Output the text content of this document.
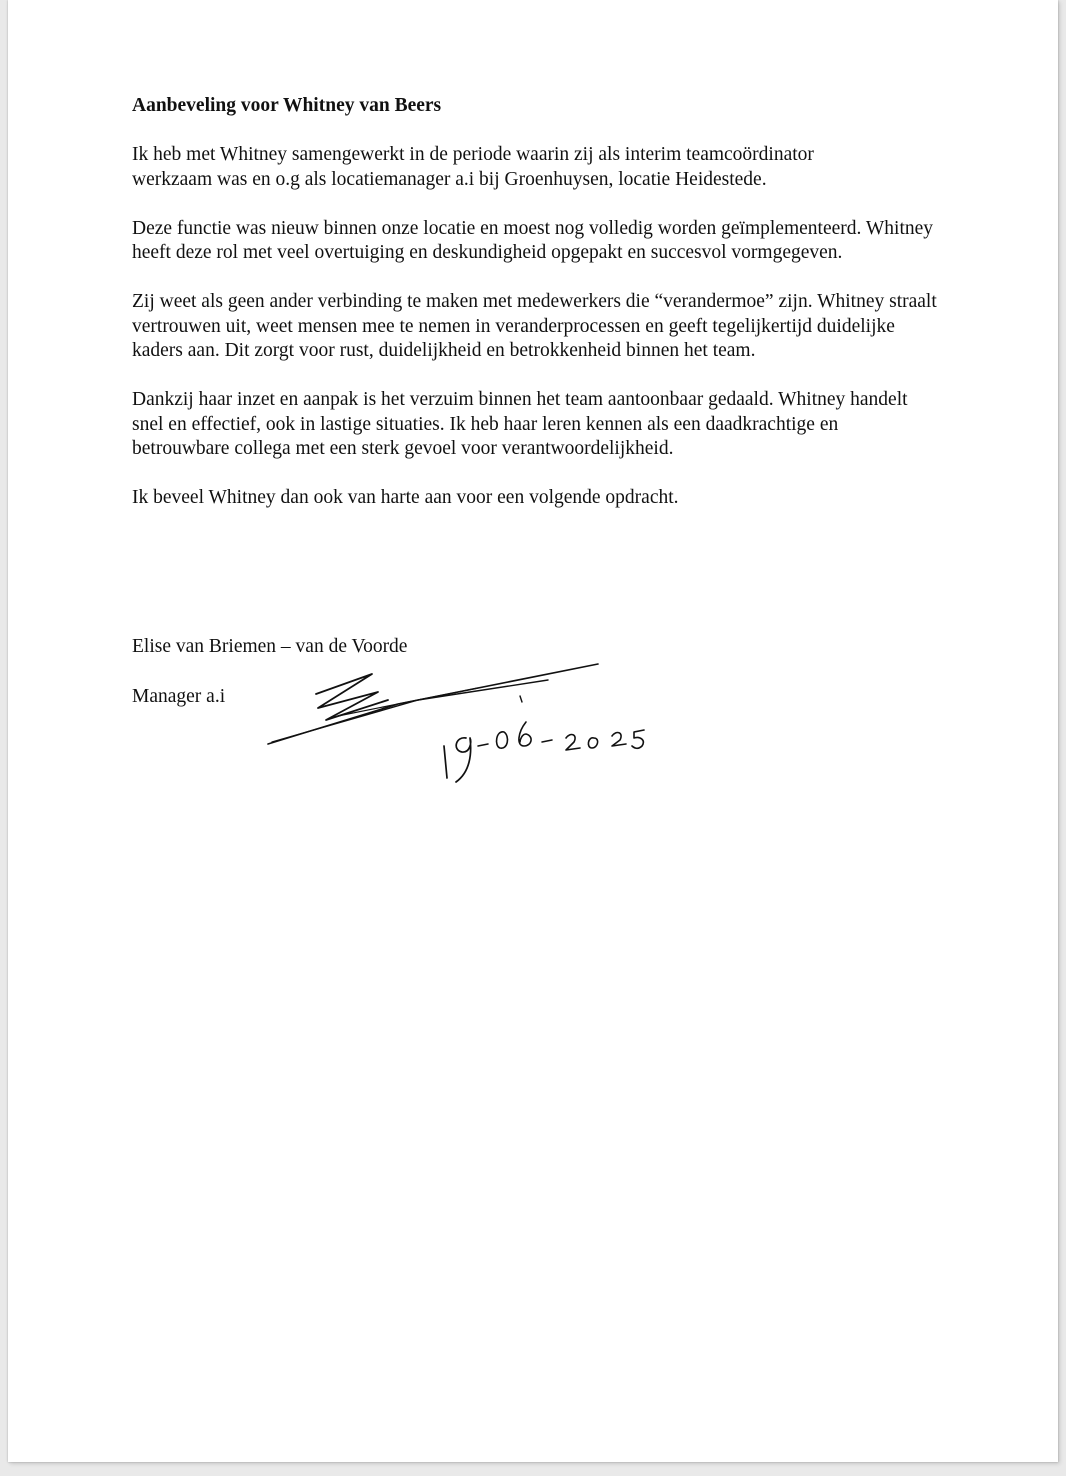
Aanbeveling voor Whitney van Beers

Ik heb met Whitney samengewerkt in de periode waarin zij als interim teamcoördinator werkzaam was en o.g als locatiemanager a.i bij Groenhuysen, locatie Heidestede.

Deze functie was nieuw binnen onze locatie en moest nog volledig worden geïmplementeerd. Whitney heeft deze rol met veel overtuiging en deskundigheid opgepakt en succesvol vormgegeven.

Zij weet als geen ander verbinding te maken met medewerkers die “verandermoe” zijn. Whitney straalt vertrouwen uit, weet mensen mee te nemen in veranderprocessen en geeft tegelijkertijd duidelijke kaders aan. Dit zorgt voor rust, duidelijkheid en betrokkenheid binnen het team.

Dankzij haar inzet en aanpak is het verzuim binnen het team aantoonbaar gedaald. Whitney handelt snel en effectief, ook in lastige situaties. Ik heb haar leren kennen als een daadkrachtige en betrouwbare collega met een sterk gevoel voor verantwoordelijkheid.

Ik beveel Whitney dan ook van harte aan voor een volgende opdracht.

Elise van Briemen – van de Voorde

Manager a.i
